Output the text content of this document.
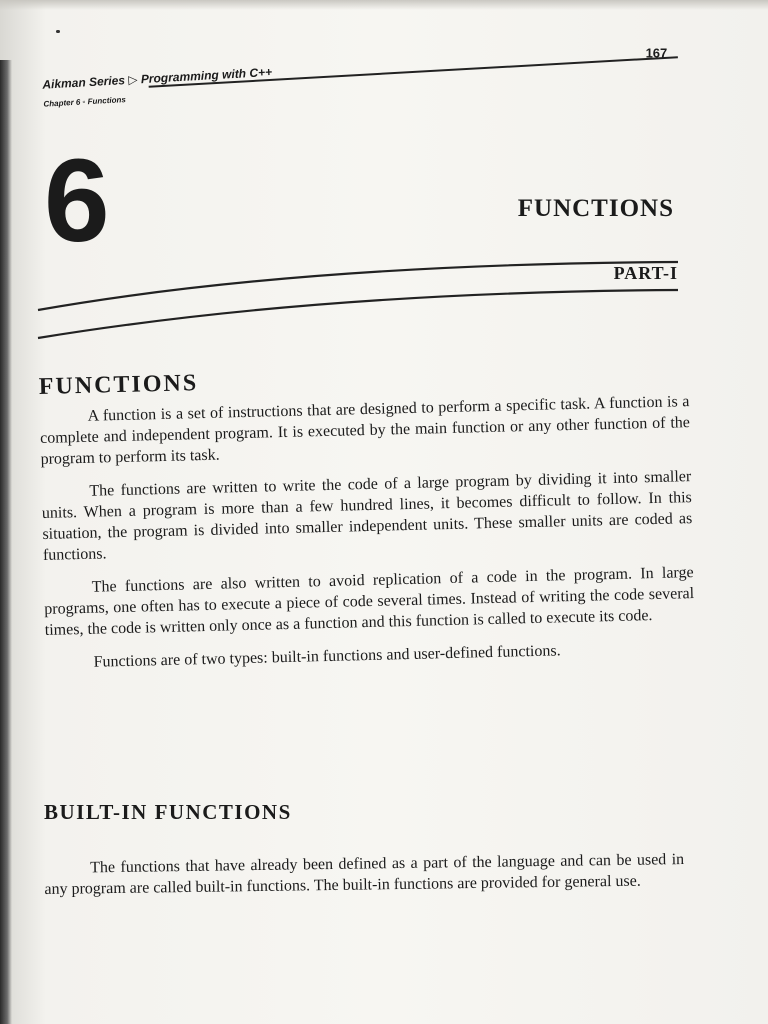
Aikman Series ▷ Programming with C++
Chapter 6 ▫ Functions
167
6	FUNCTIONS
PART-I
FUNCTIONS

A function is a set of instructions that are designed to perform a specific task. A function is a complete and independent program. It is executed by the main function or any other function of the program to perform its task.

The functions are written to write the code of a large program by dividing it into smaller units. When a program is more than a few hundred lines, it becomes difficult to follow. In this situation, the program is divided into smaller independent units. These smaller units are coded as functions.

The functions are also written to avoid replication of a code in the program. In large programs, one often has to execute a piece of code several times. Instead of writing the code several times, the code is written only once as a function and this function is called to execute its code.

Functions are of two types: built-in functions and user-defined functions.

BUILT-IN FUNCTIONS

The functions that have already been defined as a part of the language and can be used in any program are called built-in functions. The built-in functions are provided for general use.
